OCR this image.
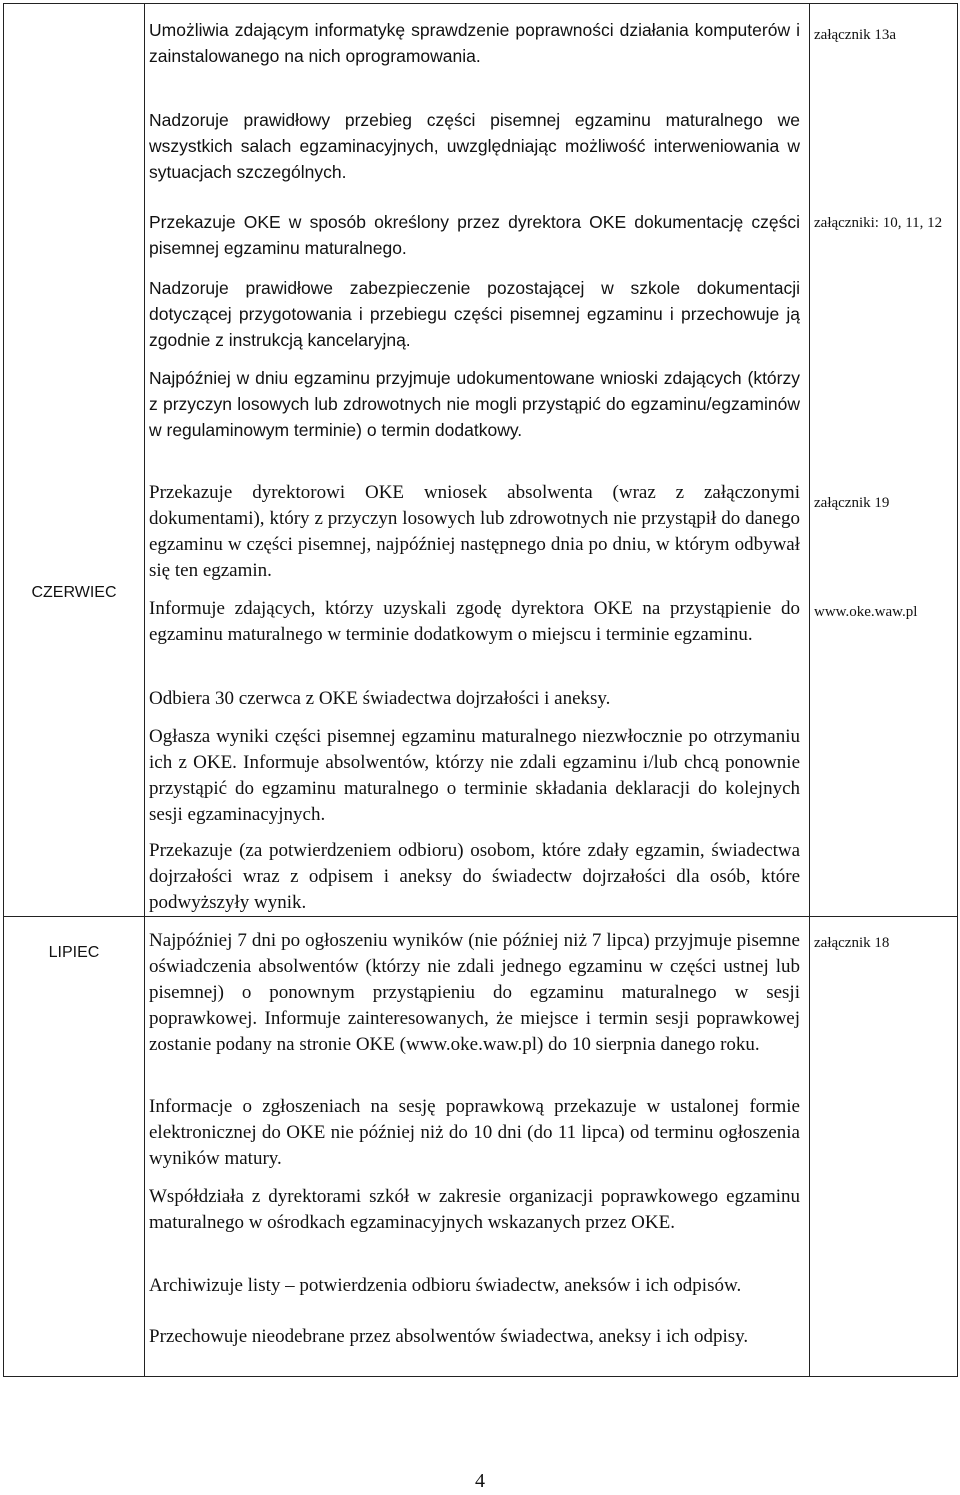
CZERWIEC
LIPIEC

Umożliwia zdającym informatykę sprawdzenie poprawności działania komputerów i zainstalowanego na nich oprogramowania.

Nadzoruje prawidłowy przebieg części pisemnej egzaminu maturalnego we wszystkich salach egzaminacyjnych, uwzględniając możliwość interweniowania w sytuacjach szczególnych.

Przekazuje OKE w sposób określony przez dyrektora OKE dokumentację części pisemnej egzaminu maturalnego.

Nadzoruje prawidłowe zabezpieczenie pozostającej w szkole dokumentacji dotyczącej przygotowania i przebiegu części pisemnej egzaminu i przechowuje ją zgodnie z instrukcją kancelaryjną.

Najpóźniej w dniu egzaminu przyjmuje udokumentowane wnioski zdających (którzy z przyczyn losowych lub zdrowotnych nie mogli przystąpić do egzaminu/egzaminów w regulaminowym terminie) o termin dodatkowy.

Przekazuje dyrektorowi OKE wniosek absolwenta (wraz z załączonymi dokumentami), który z przyczyn losowych lub zdrowotnych nie przystąpił do danego egzaminu w części pisemnej, najpóźniej następnego dnia po dniu, w którym odbywał się ten egzamin.

Informuje zdających, którzy uzyskali zgodę dyrektora OKE na przystąpienie do egzaminu maturalnego w terminie dodatkowym o miejscu i terminie egzaminu.

Odbiera 30 czerwca z OKE świadectwa dojrzałości i aneksy.

Ogłasza wyniki części pisemnej egzaminu maturalnego niezwłocznie po otrzymaniu ich z OKE. Informuje absolwentów, którzy nie zdali egzaminu i/lub chcą ponownie przystąpić do egzaminu maturalnego o terminie składania deklaracji do kolejnych sesji egzaminacyjnych.

Przekazuje (za potwierdzeniem odbioru) osobom, które zdały egzamin, świadectwa dojrzałości wraz z odpisem i aneksy do świadectw dojrzałości dla osób, które podwyższyły wynik.

Najpóźniej 7 dni po ogłoszeniu wyników (nie później niż 7 lipca) przyjmuje pisemne oświadczenia absolwentów (którzy nie zdali jednego egzaminu w części ustnej lub pisemnej) o ponownym przystąpieniu do egzaminu maturalnego w sesji poprawkowej. Informuje zainteresowanych, że miejsce i termin sesji poprawkowej zostanie podany na stronie OKE (www.oke.waw.pl) do 10 sierpnia danego roku.

Informacje o zgłoszeniach na sesję poprawkową przekazuje w ustalonej formie elektronicznej do OKE nie później niż do 10 dni (do 11 lipca) od terminu ogłoszenia wyników matury.

Współdziała z dyrektorami szkół w zakresie organizacji poprawkowego egzaminu maturalnego w ośrodkach egzaminacyjnych wskazanych przez OKE.

Archiwizuje listy – potwierdzenia odbioru świadectw, aneksów i ich odpisów.

Przechowuje nieodebrane przez absolwentów świadectwa, aneksy i ich odpisy.

załącznik 13a

załączniki: 10, 11, 12

załącznik 19

www.oke.waw.pl

załącznik 18

4
